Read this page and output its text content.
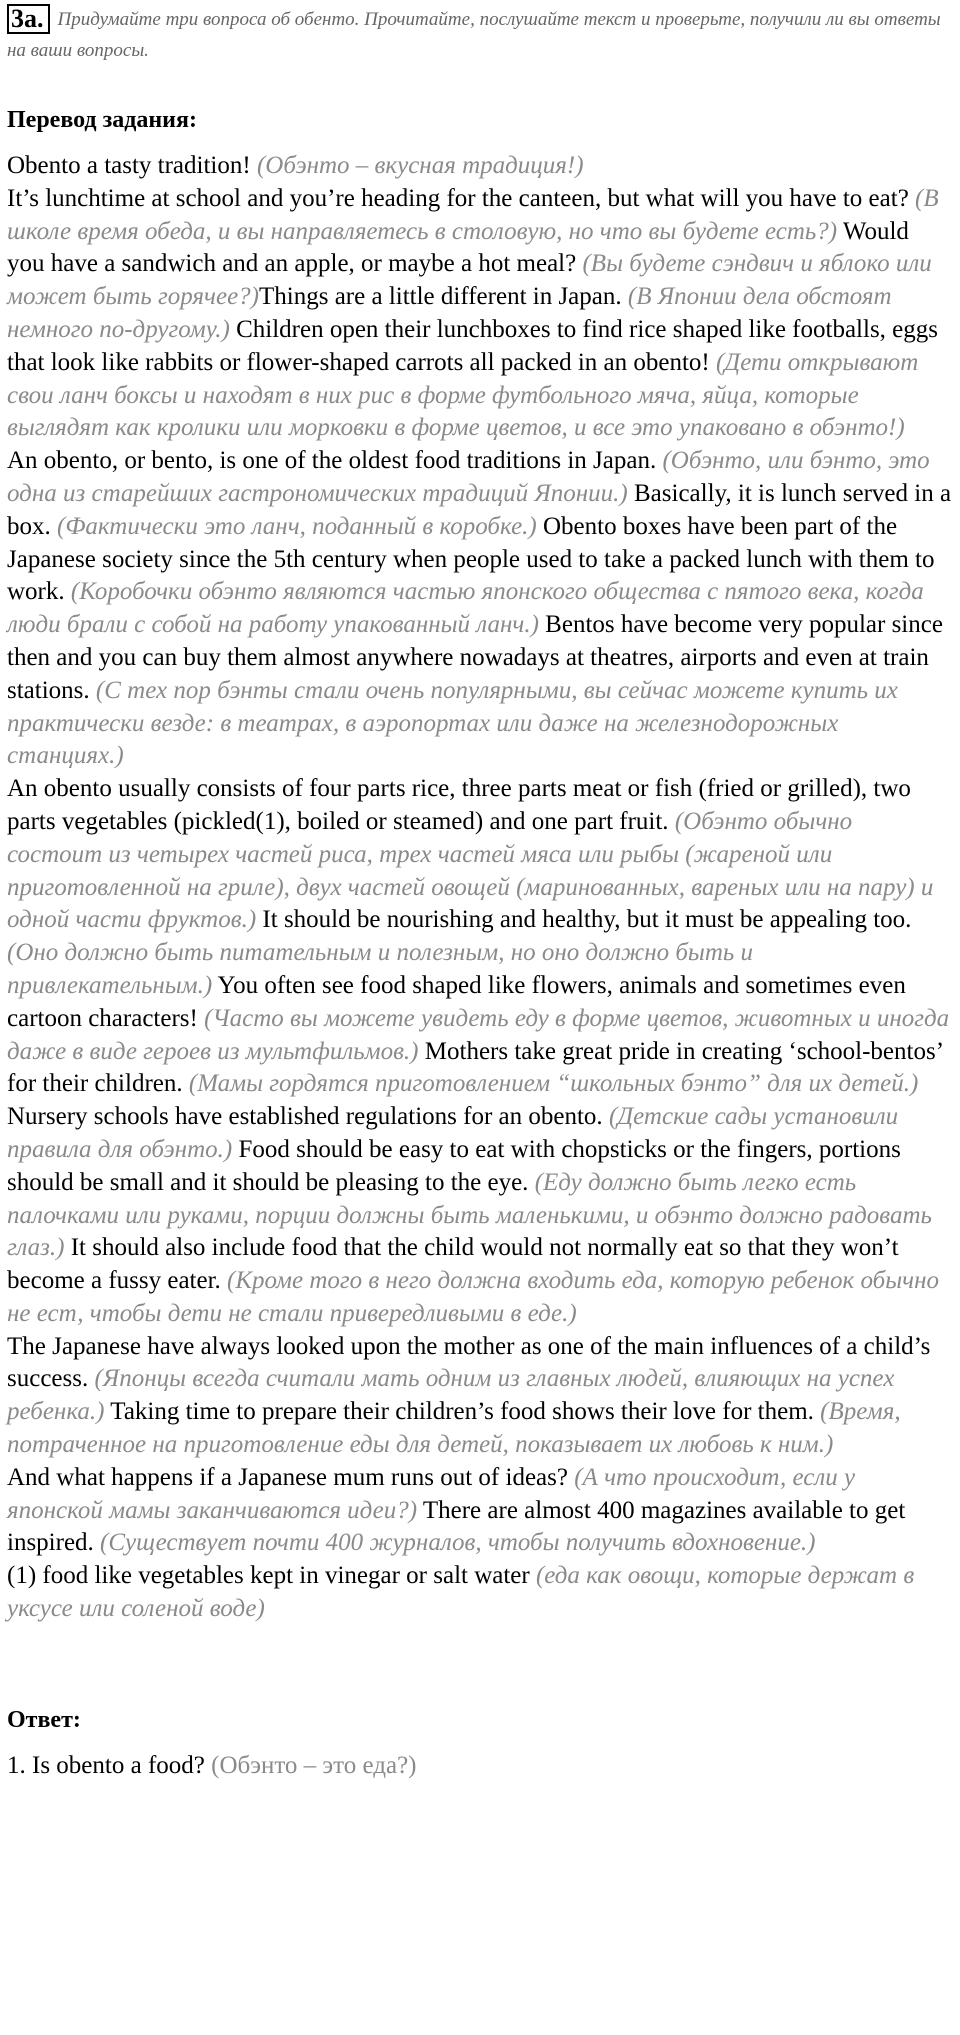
3a. Придумайте три вопроса об обенто. Прочитайте, послушайте текст и проверьте, получили ли вы ответы на ваши вопросы.
Перевод задания:

Obento a tasty tradition! (Обэнто – вкусная традиция!)

It’s lunchtime at school and you’re heading for the canteen, but what will you have to eat? (В школе время обеда, и вы направляетесь в столовую, но что вы будете есть?) Would you have a sandwich and an apple, or maybe a hot meal? (Вы будете сэндвич и яблоко или может быть горячее?)Things are a little different in Japan. (В Японии дела обстоят немного по-другому.) Children open their lunchboxes to find rice shaped like footballs, eggs that look like rabbits or flower-shaped carrots all packed in an obento! (Дети открывают свои ланч боксы и находят в них рис в форме футбольного мяча, яйца, которые выглядят как кролики или морковки в форме цветов, и все это упаковано в обэнто!)

An obento, or bento, is one of the oldest food traditions in Japan. (Обэнто, или бэнто, это одна из старейших гастрономических традиций Японии.) Basically, it is lunch served in a box. (Фактически это ланч, поданный в коробке.) Obento boxes have been part of the Japanese society since the 5th century when people used to take a packed lunch with them to work. (Коробочки обэнто являются частью японского общества с пятого века, когда люди брали с собой на работу упакованный ланч.) Bentos have become very popular since then and you can buy them almost anywhere nowadays at theatres, airports and even at train stations. (С тех пор бэнты стали очень популярными, вы сейчас можете купить их практически везде: в театрах, в аэропортах или даже на железнодорожных станциях.)

An obento usually consists of four parts rice, three parts meat or fish (fried or grilled), two parts vegetables (pickled(1), boiled or steamed) and one part fruit. (Обэнто обычно состоит из четырех частей риса, трех частей мяса или рыбы (жареной или приготовленной на гриле), двух частей овощей (маринованных, вареных или на пару) и одной части фруктов.) It should be nourishing and healthy, but it must be appealing too. (Оно должно быть питательным и полезным, но оно должно быть и привлекательным.) You often see food shaped like flowers, animals and sometimes even cartoon characters! (Часто вы можете увидеть еду в форме цветов, животных и иногда даже в виде героев из мультфильмов.) Mothers take great pride in creating ‘school-bentos’ for their children. (Мамы гордятся приготовлением “школьных бэнто” для их детей.)

Nursery schools have established regulations for an obento. (Детские сады установили правила для обэнто.) Food should be easy to eat with chopsticks or the fingers, portions should be small and it should be pleasing to the eye. (Еду должно быть легко есть палочками или руками, порции должны быть маленькими, и обэнто должно радовать глаз.) It should also include food that the child would not normally eat so that they won’t become a fussy eater. (Кроме того в него должна входить еда, которую ребенок обычно не ест, чтобы дети не стали привередливыми в еде.)

The Japanese have always looked upon the mother as one of the main influences of a child’s success. (Японцы всегда считали мать одним из главных людей, влияющих на успех ребенка.) Taking time to prepare their children’s food shows their love for them. (Время, потраченное на приготовление еды для детей, показывает их любовь к ним.)

And what happens if a Japanese mum runs out of ideas? (А что происходит, если у японской мамы заканчиваются идеи?) There are almost 400 magazines available to get inspired. (Существует почти 400 журналов, чтобы получить вдохновение.)

(1) food like vegetables kept in vinegar or salt water (еда как овощи, которые держат в уксусе или соленой воде)

Ответ:
1. Is obento a food? (Обэнто – это еда?)
